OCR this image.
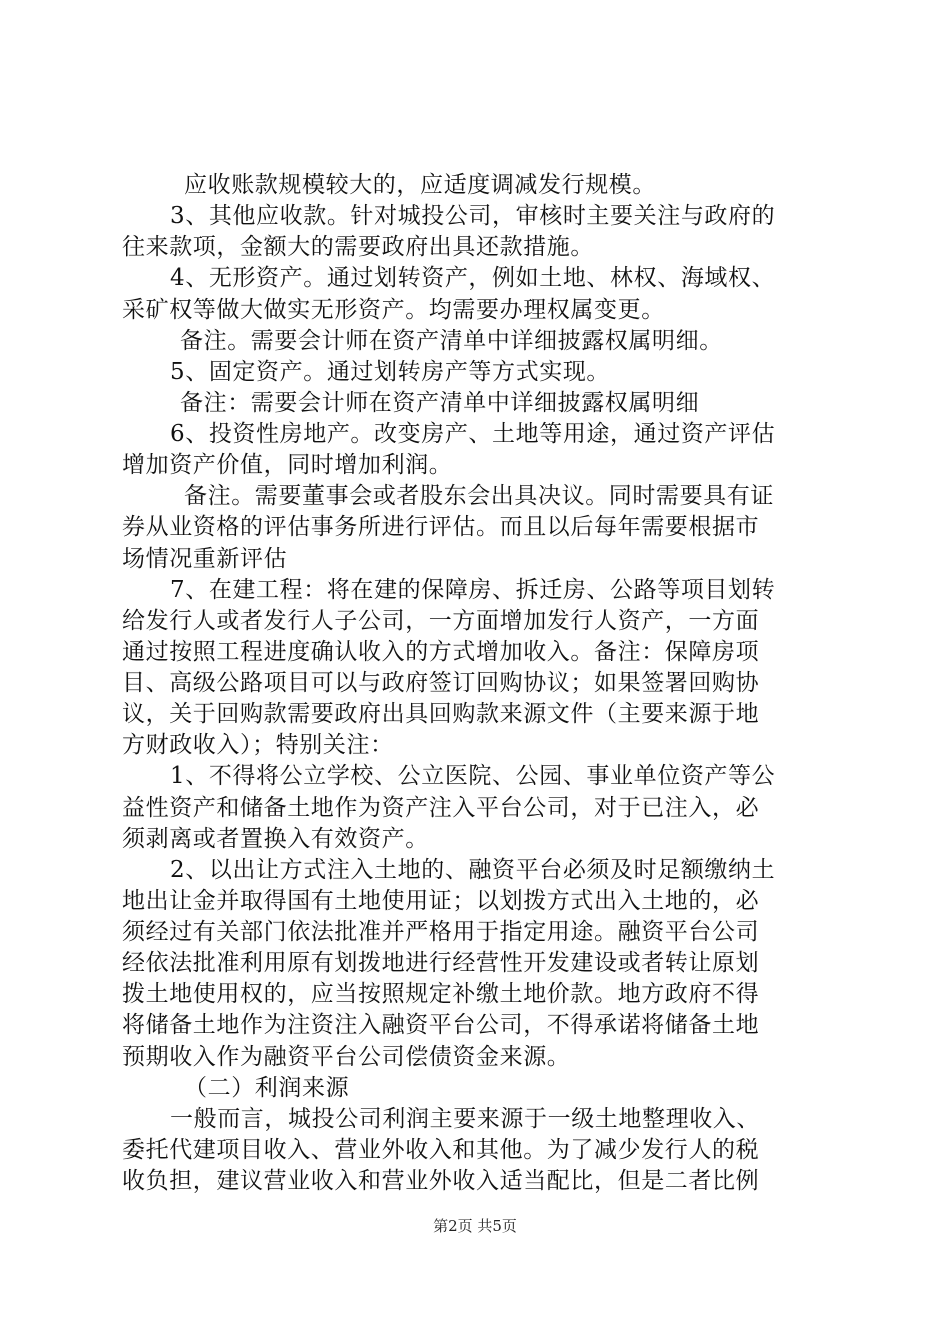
应收账款规模较大的，应适度调减发行规模。
3、其他应收款。针对城投公司，审核时主要关注与政府的
往来款项，金额大的需要政府出具还款措施。
4、无形资产。通过划转资产，例如土地、林权、海域权、
采矿权等做大做实无形资产。均需要办理权属变更。
备注。需要会计师在资产清单中详细披露权属明细。
5、固定资产。通过划转房产等方式实现。
备注：需要会计师在资产清单中详细披露权属明细
6、投资性房地产。改变房产、土地等用途，通过资产评估
增加资产价值，同时增加利润。
备注。需要董事会或者股东会出具决议。同时需要具有证
券从业资格的评估事务所进行评估。而且以后每年需要根据市
场情况重新评估
7、在建工程：将在建的保障房、拆迁房、公路等项目划转
给发行人或者发行人子公司，一方面增加发行人资产，一方面
通过按照工程进度确认收入的方式增加收入。备注：保障房项
目、高级公路项目可以与政府签订回购协议；如果签署回购协
议，关于回购款需要政府出具回购款来源文件（主要来源于地
方财政收入）；特别关注：
1、不得将公立学校、公立医院、公园、事业单位资产等公
益性资产和储备土地作为资产注入平台公司，对于已注入，必
须剥离或者置换入有效资产。
2、以出让方式注入土地的、融资平台必须及时足额缴纳土
地出让金并取得国有土地使用证；以划拨方式出入土地的，必
须经过有关部门依法批准并严格用于指定用途。融资平台公司
经依法批准利用原有划拨地进行经营性开发建设或者转让原划
拨土地使用权的，应当按照规定补缴土地价款。地方政府不得
将储备土地作为注资注入融资平台公司，不得承诺将储备土地
预期收入作为融资平台公司偿债资金来源。
（二）利润来源
一般而言，城投公司利润主要来源于一级土地整理收入、
委托代建项目收入、营业外收入和其他。为了减少发行人的税
收负担，建议营业收入和营业外收入适当配比，但是二者比例
第2页 共5页
